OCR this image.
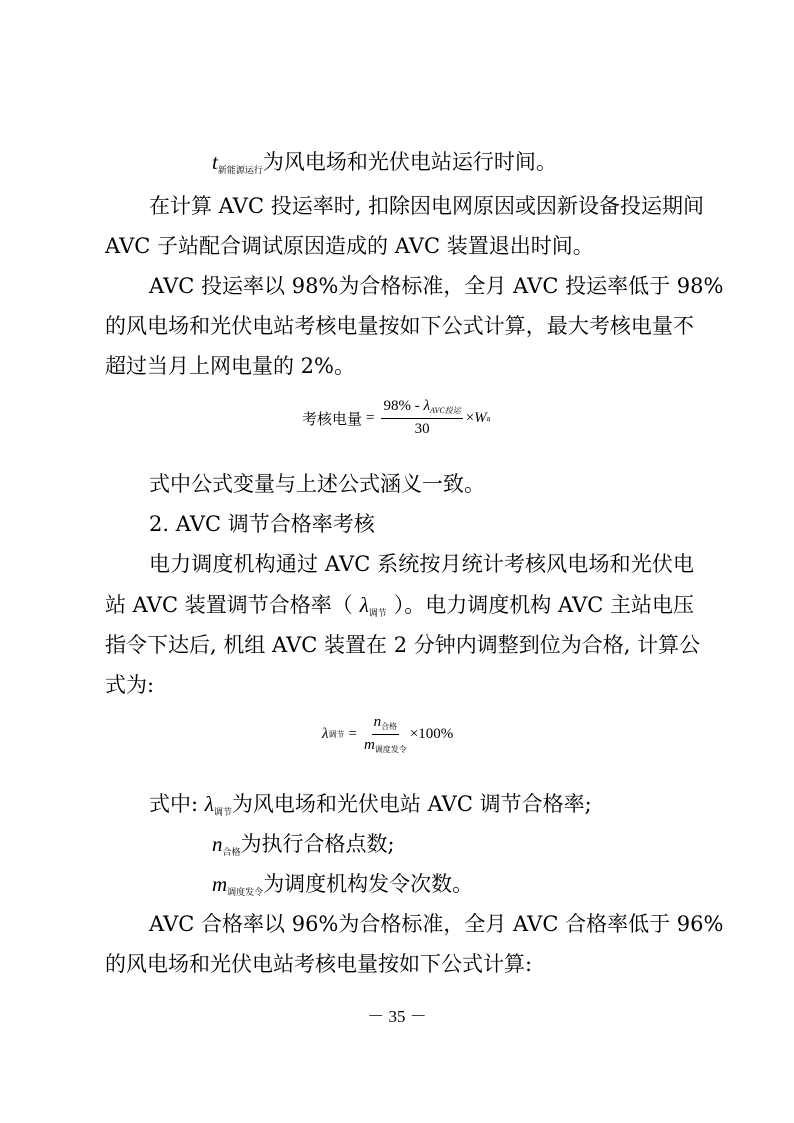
$t_{新能源运行}$为风电场和光伏电站运行时间。
在计算 AVC 投运率时, 扣除因电网原因或因新设备投运期间
AVC 子站配合调试原因造成的 AVC 装置退出时间。
AVC 投运率以 98%为合格标准，全月 AVC 投运率低于 98%
的风电场和光伏电站考核电量按如下公式计算，最大考核电量不
超过当月上网电量的 2%。
考核电量 = $\frac{98\% - \lambda_{AVC投运}}{30} \times W$ a
式中公式变量与上述公式涵义一致。
2. AVC 调节合格率考核
电力调度机构通过 AVC 系统按月统计考核风电场和光伏电
站 AVC 装置调节合格率（ $\lambda_{调节}$ ）。电力调度机构 AVC 主站电压
指令下达后, 机组 AVC 装置在 2 分钟内调整到位为合格, 计算公
式为:
λ 调节 = $\frac{n_{合格}}{m_{调度发令}} \times 100\%$
式中: $\lambda_{调节}$为风电场和光伏电站 AVC 调节合格率;
$n_{合格}$为执行合格点数;
$m_{调度发令}$为调度机构发令次数。
AVC 合格率以 96%为合格标准，全月 AVC 合格率低于 96%
的风电场和光伏电站考核电量按如下公式计算:
－ 35 －
